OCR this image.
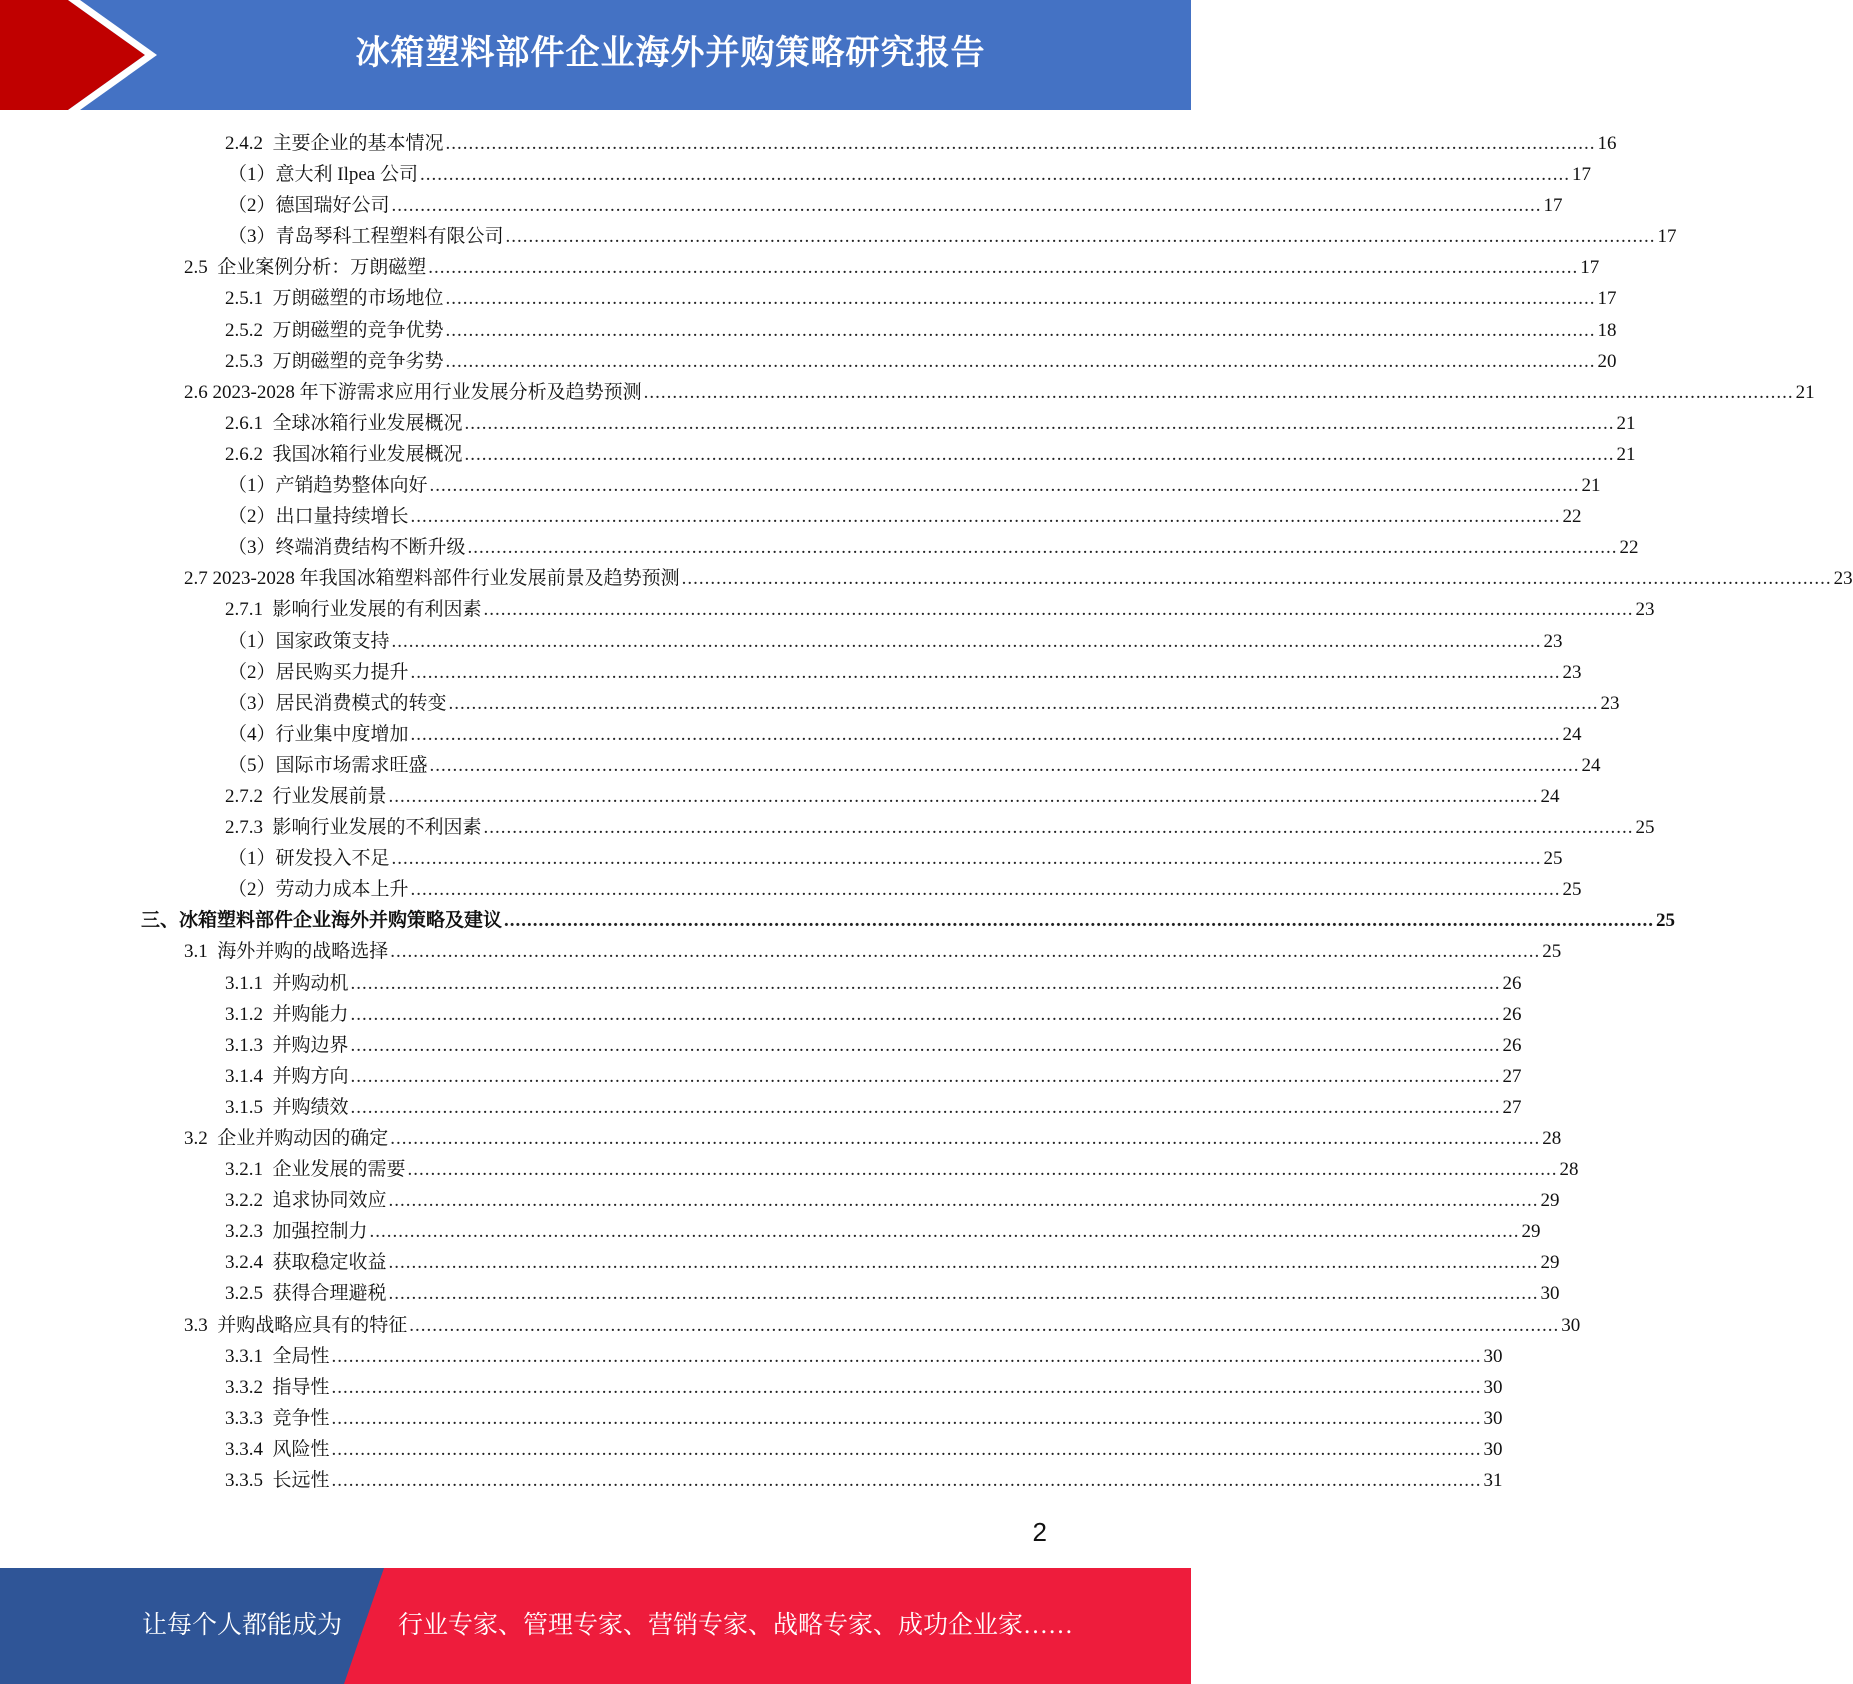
冰箱塑料部件企业海外并购策略研究报告
2.4.2  主要企业的基本情况 ........................................................................................................................................................................................................ 16
（1）意大利 Ilpea 公司 ........................................................................................................................................................................................................ 17
（2）德国瑞好公司 ........................................................................................................................................................................................................ 17
（3）青岛琴科工程塑料有限公司 ........................................................................................................................................................................................................ 17
2.5  企业案例分析：万朗磁塑 ........................................................................................................................................................................................................ 17
2.5.1  万朗磁塑的市场地位 ........................................................................................................................................................................................................ 17
2.5.2  万朗磁塑的竞争优势 ........................................................................................................................................................................................................ 18
2.5.3  万朗磁塑的竞争劣势 ........................................................................................................................................................................................................ 20
2.6 2023-2028 年下游需求应用行业发展分析及趋势预测 ........................................................................................................................................................................................................ 21
2.6.1  全球冰箱行业发展概况 ........................................................................................................................................................................................................ 21
2.6.2  我国冰箱行业发展概况 ........................................................................................................................................................................................................ 21
（1）产销趋势整体向好 ........................................................................................................................................................................................................ 21
（2）出口量持续增长 ........................................................................................................................................................................................................ 22
（3）终端消费结构不断升级 ........................................................................................................................................................................................................ 22
2.7 2023-2028 年我国冰箱塑料部件行业发展前景及趋势预测 ........................................................................................................................................................................................................ 23
2.7.1  影响行业发展的有利因素 ........................................................................................................................................................................................................ 23
（1）国家政策支持 ........................................................................................................................................................................................................ 23
（2）居民购买力提升 ........................................................................................................................................................................................................ 23
（3）居民消费模式的转变 ........................................................................................................................................................................................................ 23
（4）行业集中度增加 ........................................................................................................................................................................................................ 24
（5）国际市场需求旺盛 ........................................................................................................................................................................................................ 24
2.7.2  行业发展前景 ........................................................................................................................................................................................................ 24
2.7.3  影响行业发展的不利因素 ........................................................................................................................................................................................................ 25
（1）研发投入不足 ........................................................................................................................................................................................................ 25
（2）劳动力成本上升 ........................................................................................................................................................................................................ 25
三、冰箱塑料部件企业海外并购策略及建议 ........................................................................................................................................................................................................ 25
3.1  海外并购的战略选择 ........................................................................................................................................................................................................ 25
3.1.1  并购动机 ........................................................................................................................................................................................................ 26
3.1.2  并购能力 ........................................................................................................................................................................................................ 26
3.1.3  并购边界 ........................................................................................................................................................................................................ 26
3.1.4  并购方向 ........................................................................................................................................................................................................ 27
3.1.5  并购绩效 ........................................................................................................................................................................................................ 27
3.2  企业并购动因的确定 ........................................................................................................................................................................................................ 28
3.2.1  企业发展的需要 ........................................................................................................................................................................................................ 28
3.2.2  追求协同效应 ........................................................................................................................................................................................................ 29
3.2.3  加强控制力 ........................................................................................................................................................................................................ 29
3.2.4  获取稳定收益 ........................................................................................................................................................................................................ 29
3.2.5  获得合理避税 ........................................................................................................................................................................................................ 30
3.3  并购战略应具有的特征 ........................................................................................................................................................................................................ 30
3.3.1  全局性 ........................................................................................................................................................................................................ 30
3.3.2  指导性 ........................................................................................................................................................................................................ 30
3.3.3  竞争性 ........................................................................................................................................................................................................ 30
3.3.4  风险性 ........................................................................................................................................................................................................ 30
3.3.5  长远性 ........................................................................................................................................................................................................ 31
2
让每个人都能成为 行业专家、管理专家、营销专家、战略专家、成功企业家……
